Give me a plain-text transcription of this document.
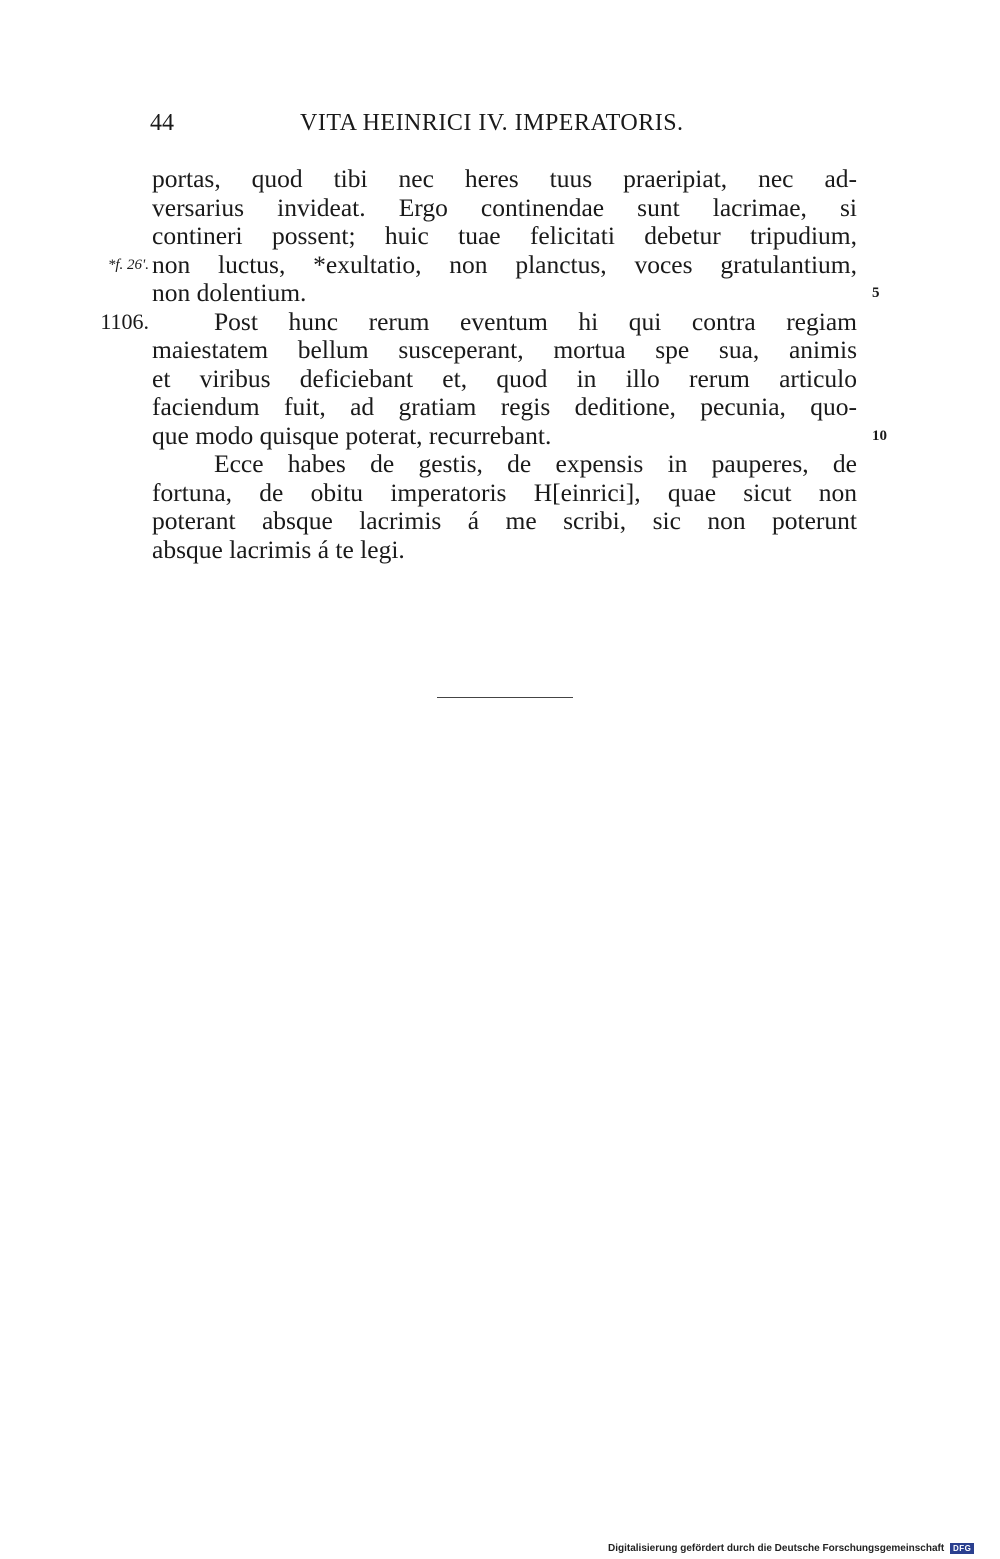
44	VITA HEINRICI IV. IMPERATORIS.
portas, quod tibi nec heres tuus praeripiat, nec ad-
versarius invideat. Ergo continendae sunt lacrimae, si
contineri possent; huic tuae felicitati debetur tripudium,
*f. 26'. non luctus, *exultatio, non planctus, voces gratulantium,
non dolentium.	5
1106.	Post hunc rerum eventum hi qui contra regiam
maiestatem bellum susceperant, mortua spe sua, animis
et viribus deficiebant et, quod in illo rerum articulo
faciendum fuit, ad gratiam regis deditione, pecunia, quo-
que modo quisque poterat, recurrebant.	10
Ecce habes de gestis, de expensis in pauperes, de
fortuna, de obitu imperatoris H[einrici], quae sicut non
poterant absque lacrimis á me scribi, sic non poterunt
absque lacrimis á te legi.
Digitalisierung gefördert durch die Deutsche Forschungsgemeinschaft DFG
